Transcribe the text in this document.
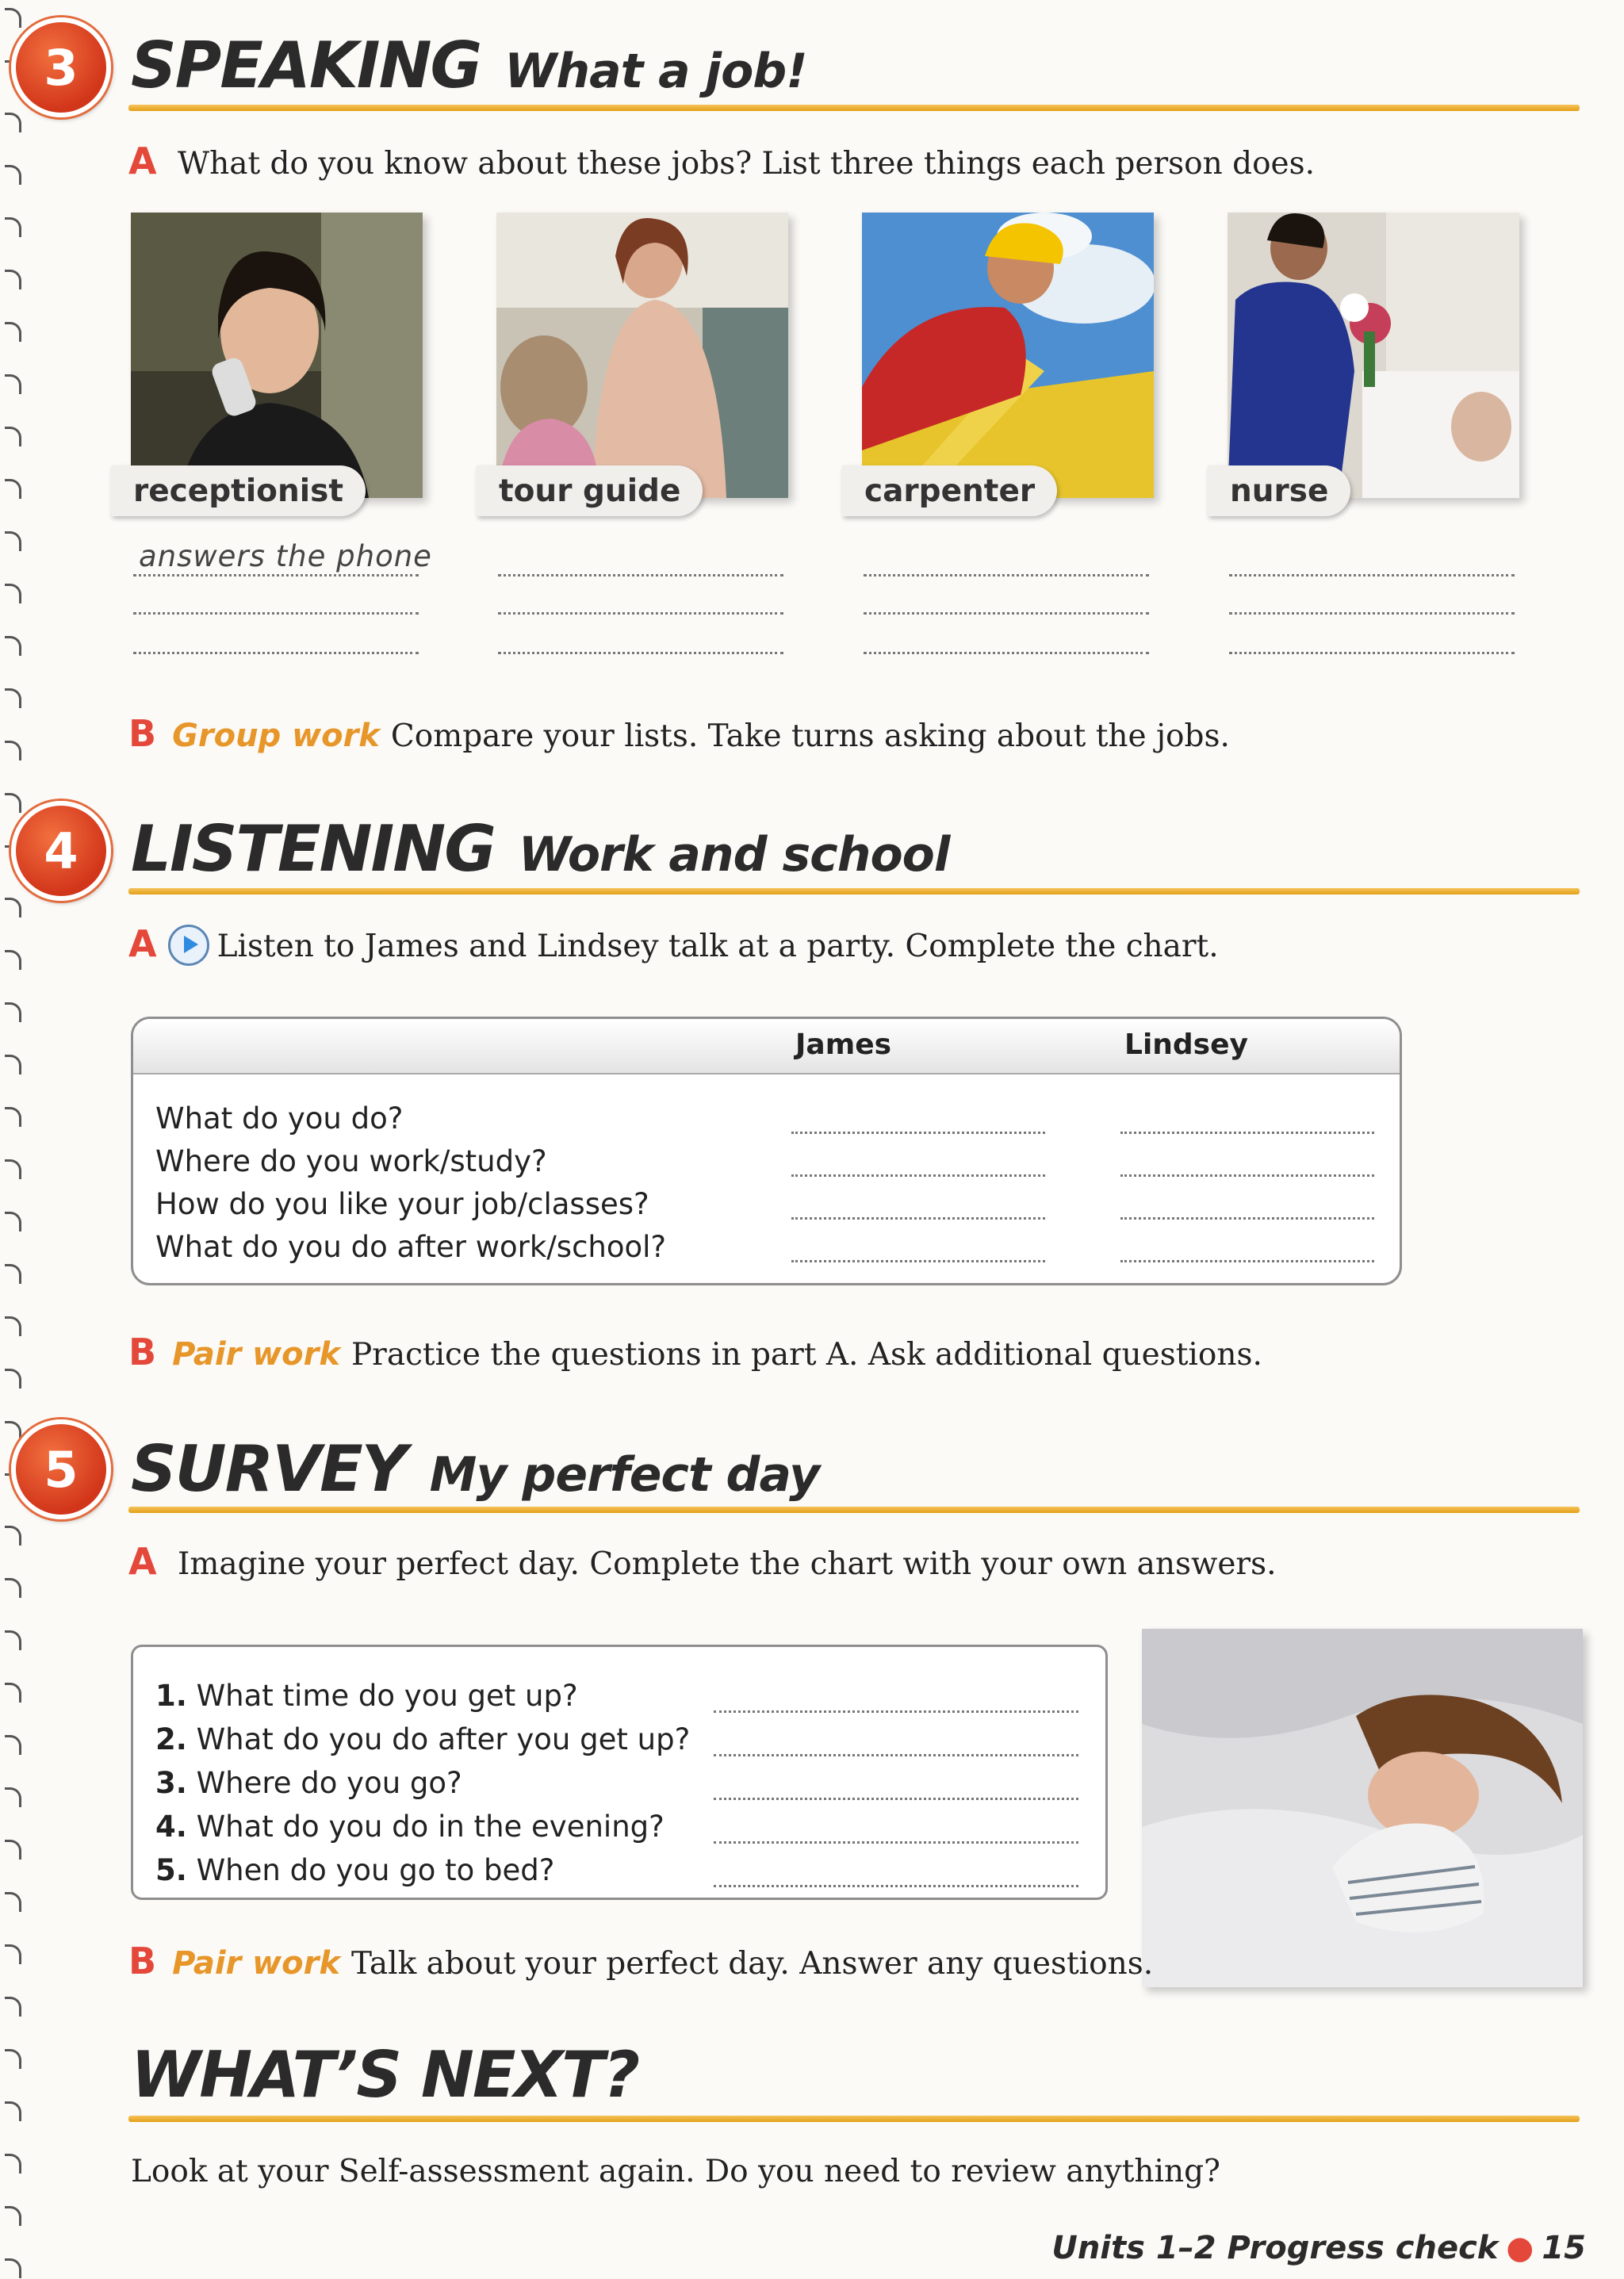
3 SPEAKING What a job!
A What do you know about these jobs? List three things each person does.
receptionist	tour guide	carpenter	nurse
answers the phone
B Group work Compare your lists. Take turns asking about the jobs.
4 LISTENING Work and school
A Listen to James and Lindsey talk at a party. Complete the chart.
James	Lindsey
What do you do?
Where do you work/study?
How do you like your job/classes?
What do you do after work/school?
B Pair work Practice the questions in part A. Ask additional questions.
5 SURVEY My perfect day
A Imagine your perfect day. Complete the chart with your own answers.
1. What time do you get up?
2. What do you do after you get up?
3. Where do you go?
4. What do you do in the evening?
5. When do you go to bed?
B Pair work Talk about your perfect day. Answer any questions.
WHAT’S NEXT?
Look at your Self-assessment again. Do you need to review anything?
Units 1–2 Progress check ● 15
